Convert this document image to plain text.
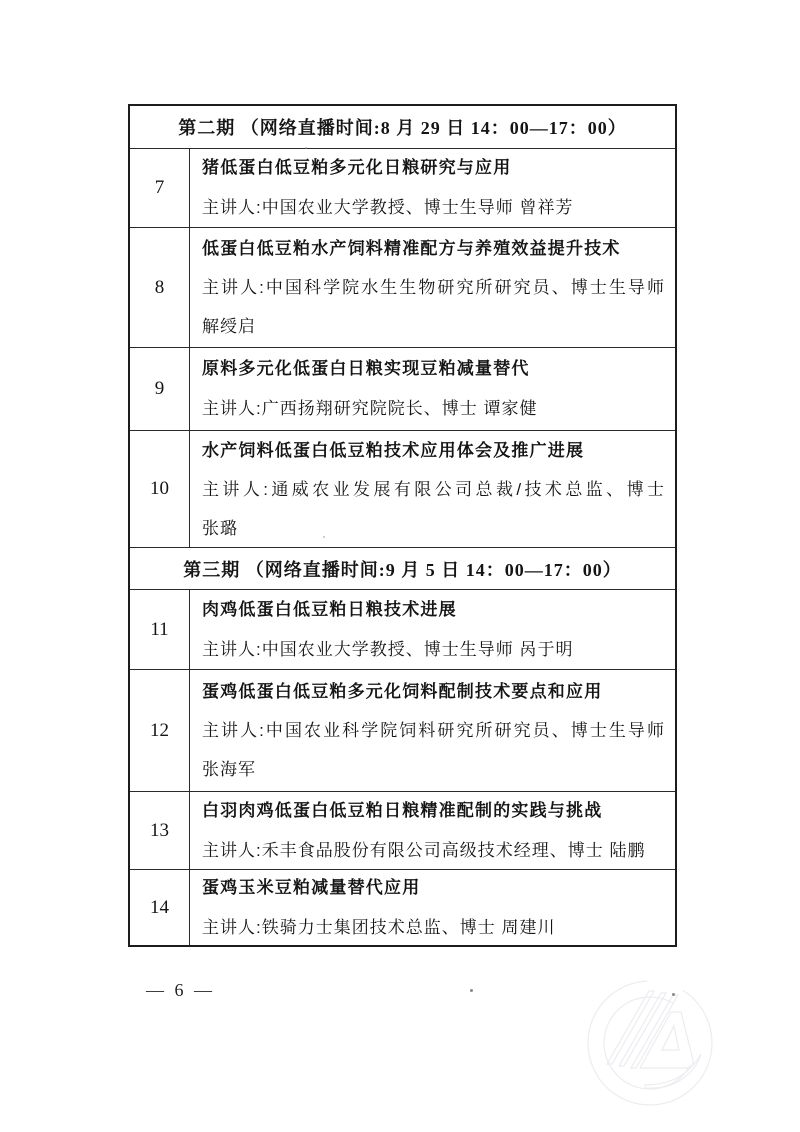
第二期 （网络直播时间:8 月 29 日 14：00—17：00）
7
猪低蛋白低豆粕多元化日粮研究与应用
主讲人:中国农业大学教授、博士生导师 曾祥芳
8
低蛋白低豆粕水产饲料精准配方与养殖效益提升技术
主讲人:中国科学院水生生物研究所研究员、博士生导师
解绶启
9
原料多元化低蛋白日粮实现豆粕减量替代
主讲人:广西扬翔研究院院长、博士 谭家健
10
水产饲料低蛋白低豆粕技术应用体会及推广进展
主讲人:通威农业发展有限公司总裁/技术总监、博士
张璐
第三期 （网络直播时间:9 月 5 日 14：00—17：00）
11
肉鸡低蛋白低豆粕日粮技术进展
主讲人:中国农业大学教授、博士生导师 呙于明
12
蛋鸡低蛋白低豆粕多元化饲料配制技术要点和应用
主讲人:中国农业科学院饲料研究所研究员、博士生导师
张海军
13
白羽肉鸡低蛋白低豆粕日粮精准配制的实践与挑战
主讲人:禾丰食品股份有限公司高级技术经理、博士 陆鹏
14
蛋鸡玉米豆粕减量替代应用
主讲人:铁骑力士集团技术总监、博士 周建川
— 6 —
